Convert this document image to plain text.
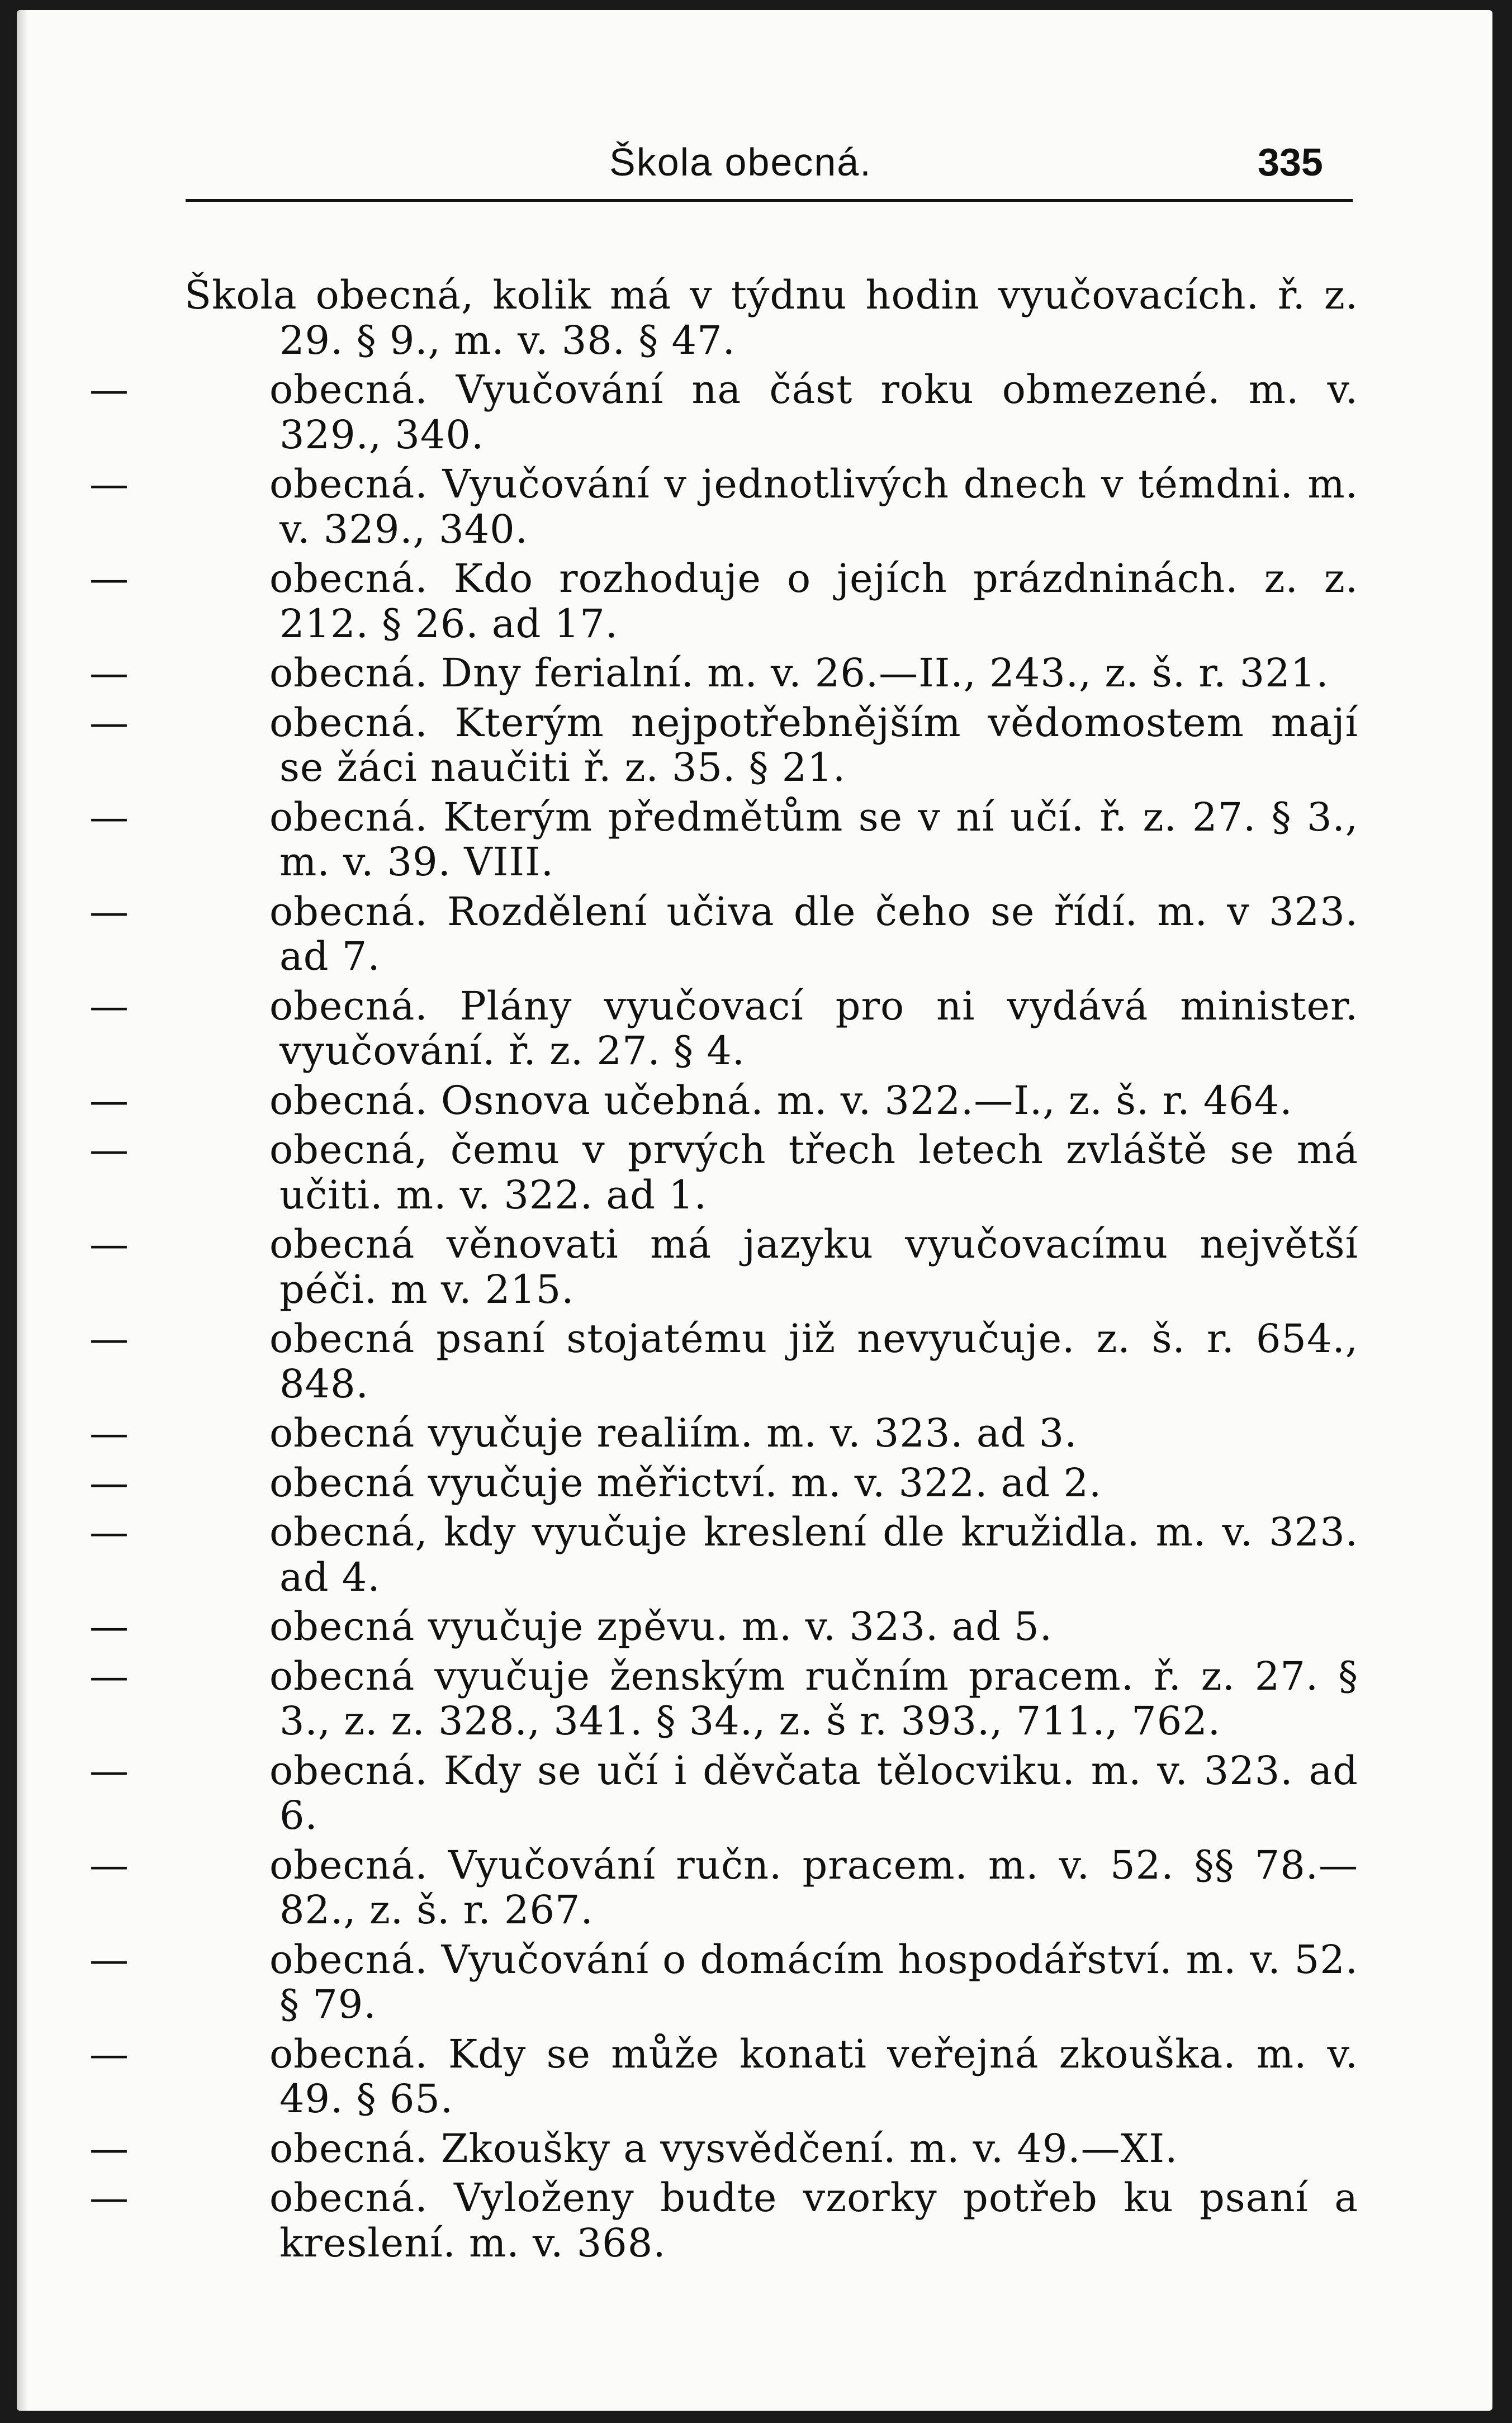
Škola obecná.	335
Škola obecná, kolik má v týdnu hodin vyučovacích. ř. z. 29. § 9., m. v. 38. § 47.
—	obecná. Vyučování na část roku obmezené. m. v. 329., 340.
—	obecná. Vyučování v jednotlivých dnech v témdni. m. v. 329., 340.
—	obecná. Kdo rozhoduje o jejích prázdninách. z. z. 212. § 26. ad 17.
—	obecná. Dny ferialní. m. v. 26.—II., 243., z. š. r. 321.
—	obecná. Kterým nejpotřebnějším vědomostem mají se žáci naučiti ř. z. 35. § 21.
—	obecná. Kterým předmětům se v ní učí. ř. z. 27. § 3., m. v. 39. VIII.
—	obecná. Rozdělení učiva dle čeho se řídí. m. v 323. ad 7.
—	obecná. Plány vyučovací pro ni vydává minister. vyučování. ř. z. 27. § 4.
—	obecná. Osnova učebná. m. v. 322.—I., z. š. r. 464.
—	obecná, čemu v prvých třech letech zvláště se má učiti. m. v. 322. ad 1.
—	obecná věnovati má jazyku vyučovacímu největší péči. m v. 215.
—	obecná psaní stojatému již nevyučuje. z. š. r. 654., 848.
—	obecná vyučuje realiím. m. v. 323. ad 3.
—	obecná vyučuje měřictví. m. v. 322. ad 2.
—	obecná, kdy vyučuje kreslení dle kružidla. m. v. 323. ad 4.
—	obecná vyučuje zpěvu. m. v. 323. ad 5.
—	obecná vyučuje ženským ručním pracem. ř. z. 27. § 3., z. z. 328., 341. § 34., z. š r. 393., 711., 762.
—	obecná. Kdy se učí i děvčata tělocviku. m. v. 323. ad 6.
—	obecná. Vyučování ručn. pracem. m. v. 52. §§ 78.—82., z. š. r. 267.
—	obecná. Vyučování o domácím hospodářství. m. v. 52. § 79.
—	obecná. Kdy se může konati veřejná zkouška. m. v. 49. § 65.
—	obecná. Zkoušky a vysvědčení. m. v. 49.—XI.
—	obecná. Vyloženy budte vzorky potřeb ku psaní a kreslení. m. v. 368.
